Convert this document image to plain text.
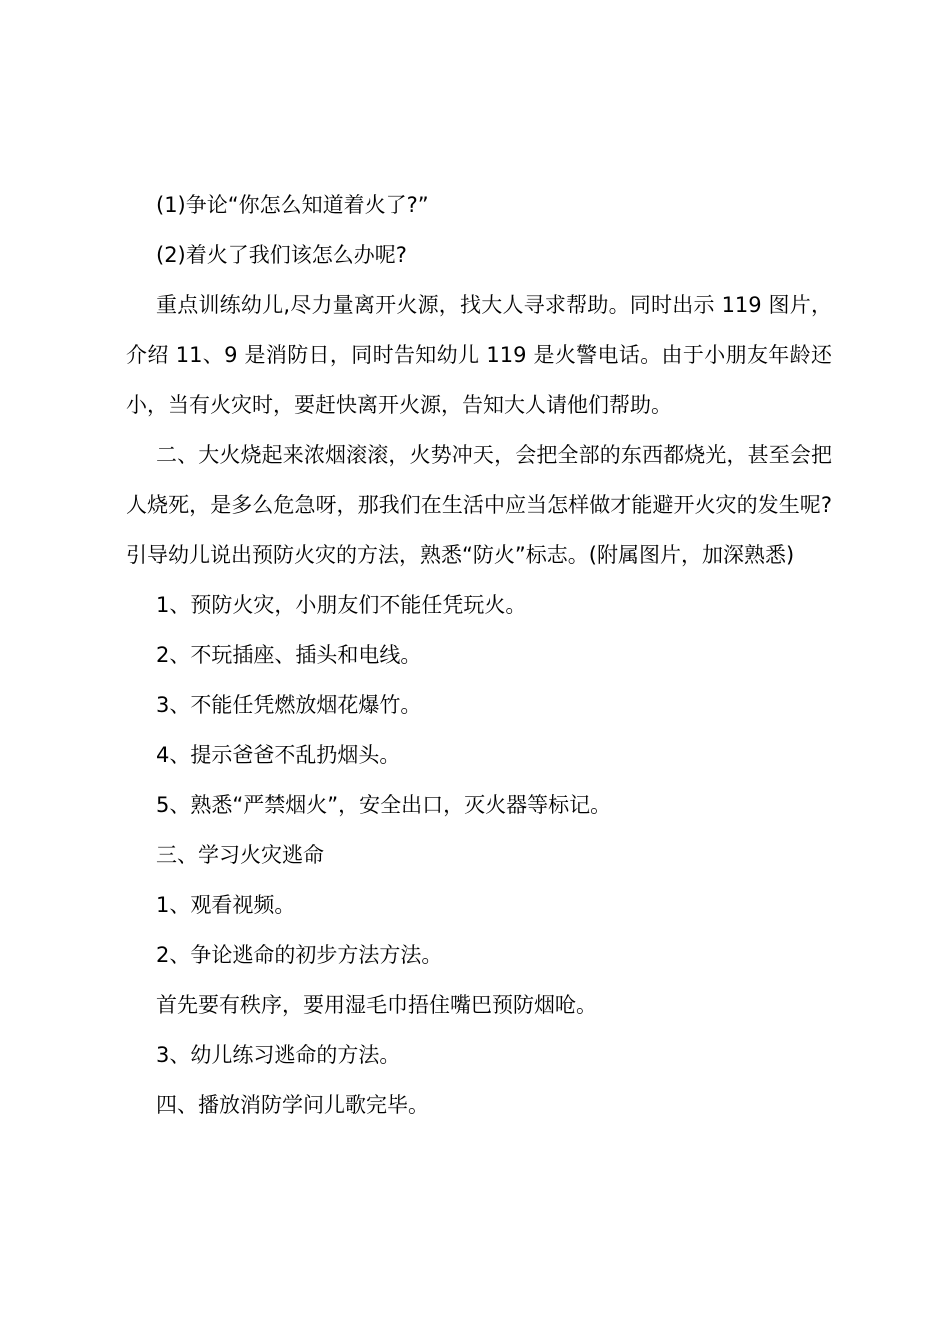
(1)争论“你怎么知道着火了?”

(2)着火了我们该怎么办呢?

重点训练幼儿,尽力量离开火源，找大人寻求帮助。同时出示 119 图片，介绍 11、9 是消防日，同时告知幼儿 119 是火警电话。由于小朋友年龄还小，当有火灾时，要赶快离开火源，告知大人请他们帮助。

二、大火烧起来浓烟滚滚，火势冲天，会把全部的东西都烧光，甚至会把人烧死，是多么危急呀，那我们在生活中应当怎样做才能避开火灾的发生呢?引导幼儿说出预防火灾的方法，熟悉“防火”标志。(附属图片，加深熟悉)

1、预防火灾，小朋友们不能任凭玩火。

2、不玩插座、插头和电线。

3、不能任凭燃放烟花爆竹。

4、提示爸爸不乱扔烟头。

5、熟悉“严禁烟火”，安全出口，灭火器等标记。

三、学习火灾逃命

1、观看视频。

2、争论逃命的初步方法方法。

首先要有秩序，要用湿毛巾捂住嘴巴预防烟呛。

3、幼儿练习逃命的方法。

四、播放消防学问儿歌完毕。
